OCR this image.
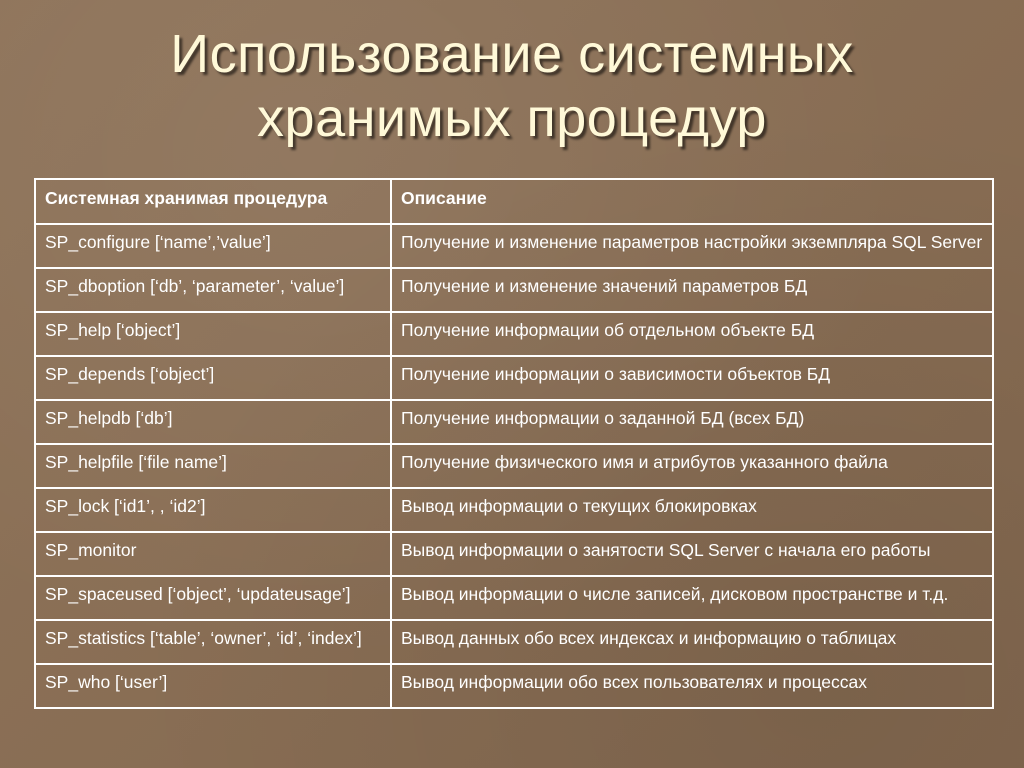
Использование системных
хранимых процедур
Системная хранимая процедура	Описание
SP_configure [‘name’,’value’]	Получение и изменение параметров настройки экземпляра SQL Server
SP_dboption [‘db’, ‘parameter’, ‘value’]	Получение и изменение значений параметров БД
SP_help [‘object’]	Получение информации об отдельном объекте БД
SP_depends [‘object’]	Получение информации о зависимости объектов БД
SP_helpdb [‘db’]	Получение информации о заданной БД (всех БД)
SP_helpfile [‘file name’]	Получение физического имя и атрибутов указанного файла
SP_lock [‘id1’, , ‘id2’]	Вывод информации о текущих блокировках
SP_monitor	Вывод информации о занятости SQL Server с начала его работы
SP_spaceused [‘object’, ‘updateusage’]	Вывод информации о числе записей, дисковом пространстве и т.д.
SP_statistics [‘table’, ‘owner’, ‘id’, ‘index’]	Вывод данных обо всех индексах и информацию о таблицах
SP_who [‘user’]	Вывод информации обо всех пользователях и процессах
